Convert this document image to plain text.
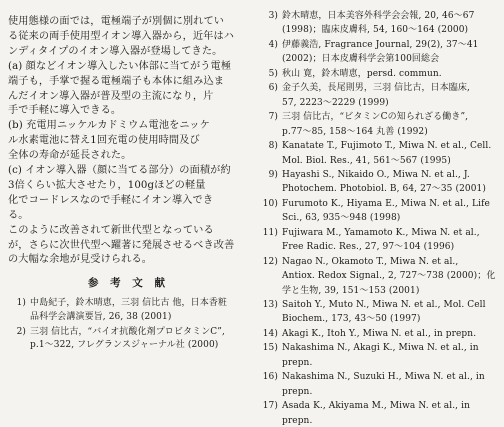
使用態様の面では，電極端子が別個に別れてい
る従来の両手使用型イオン導入器から，近年はハ
ンディタイプのイオン導入器が登場してきた。
(a) 顔などイオン導入したい体部に当てがう電極
端子も，手掌で握る電極端子も本体に組み込ま
んだイオン導入器が普及型の主流になり，片
手で手軽に導入できる。
(b) 充電用ニッケルカドミウム電池をニッケ
ル水素電池に替え1回充電の使用時間及び
全体の寿命が延長された。
(c) イオン導入器（顔に当てる部分）の面積が約
3倍くらい拡大させたり，100gほどの軽量
化でコードレスなので手軽にイオン導入でき
る。
このように改善されて新世代型となっている
が，さらに次世代型へ躍著に発展させるべき改善
の大幅な余地が見受けられる。
参 考 文 献
1) 中島紀子，鈴木晴恵，三羽 信比古 他，日本香粧
品科学会講演要旨, 26, 38 (2001)
2) 三羽 信比古，“バイオ抗酸化剤プロビタミンC”,
p.1～322, フレグランスジャーナル社 (2000)
3) 鈴木晴恵，日本美容外科学会会報, 20, 46～67
(1998)；臨床皮膚科, 54, 160～164 (2000)
4) 伊藤義浩, Fragrance Journal, 29(2), 37～41
(2002)；日本皮膚科学会第100回総会
5) 秋山 寛，鈴木晴恵，persd. commun.
6) 金子久美，長尾則男，三羽 信比古，日本臨床,
57, 2223～2229 (1999)
7) 三羽 信比古，“ビタミンCの知られざる働き”,
p.77～85, 158～164 丸善 (1992)
8) Kanatate T., Fujimoto T., Miwa N. et al., Cell.
Mol. Biol. Res., 41, 561～567 (1995)
9) Hayashi S., Nikaido O., Miwa N. et al., J.
Photochem. Photobiol. B, 64, 27～35 (2001)
10) Furumoto K., Hiyama E., Miwa N. et al., Life
Sci., 63, 935～948 (1998)
11) Fujiwara M., Yamamoto K., Miwa N. et al.,
Free Radic. Res., 27, 97～104 (1996)
12) Nagao N., Okamoto T., Miwa N. et al.,
Antiox. Redox Signal., 2, 727～738 (2000)；化
学と生物, 39, 151～153 (2001)
13) Saitoh Y., Muto N., Miwa N. et al., Mol. Cell
Biochem., 173, 43～50 (1997)
14) Akagi K., Itoh Y., Miwa N. et al., in prepn.
15) Nakashima N., Akagi K., Miwa N. et al., in
prepn.
16) Nakashima N., Suzuki H., Miwa N. et al., in
prepn.
17) Asada K., Akiyama M., Miwa N. et al., in
prepn.
